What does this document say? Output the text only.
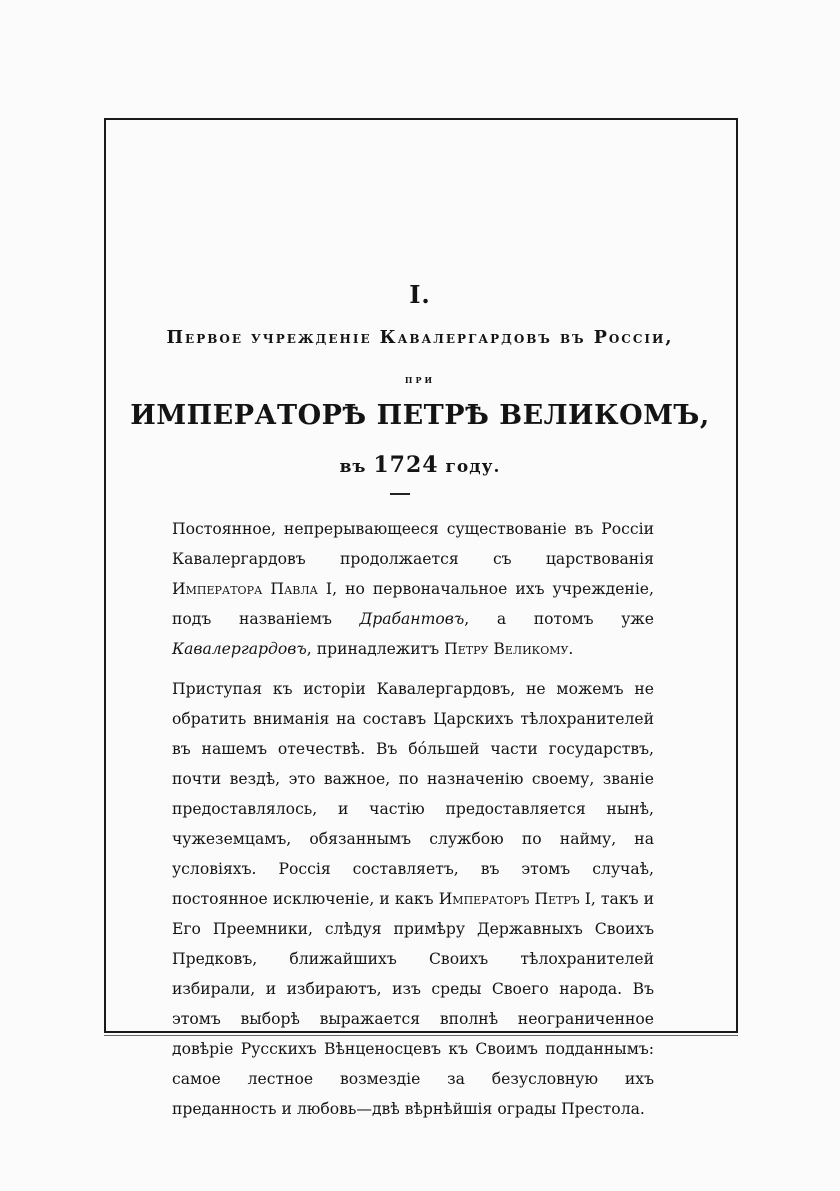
I.
Первое учрежденіе Кавалергардовъ въ Россіи,
при
ИМПЕРАТОРѢ ПЕТРѢ ВЕЛИКОМЪ,
въ 1724 году.

Постоянное, непрерывающееся существованіе въ Россіи Кавалергардовъ продолжается съ царствованія Императора Павла I, но первоначальное ихъ учрежденіе, подъ названіемъ Драбантовъ, а потомъ уже Кавалергардовъ, принадлежитъ Петру Великому.

Приступая къ исторіи Кавалергардовъ, не можемъ не обратить вниманія на составъ Царскихъ тѣлохранителей въ нашемъ отечествѣ. Въ бóльшей части государствъ, почти вездѣ, это важное, по назначенію своему, званіе предоставлялось, и частію предоставляется нынѣ, чужеземцамъ, обязаннымъ службою по найму, на условіяхъ. Россія составляетъ, въ этомъ случаѣ, постоянное исключеніе, и какъ Императоръ Петръ I, такъ и Его Преемники, слѣдуя примѣру Державныхъ Своихъ Предковъ, ближайшихъ Своихъ тѣлохранителей избирали, и избираютъ, изъ среды Своего народа. Въ этомъ выборѣ выражается вполнѣ неограниченное довѣріе Русскихъ Вѣнценосцевъ къ Своимъ подданнымъ: самое лестное возмездіе за безусловную ихъ преданность и любовь—двѣ вѣрнѣйшія ограды Престола.
